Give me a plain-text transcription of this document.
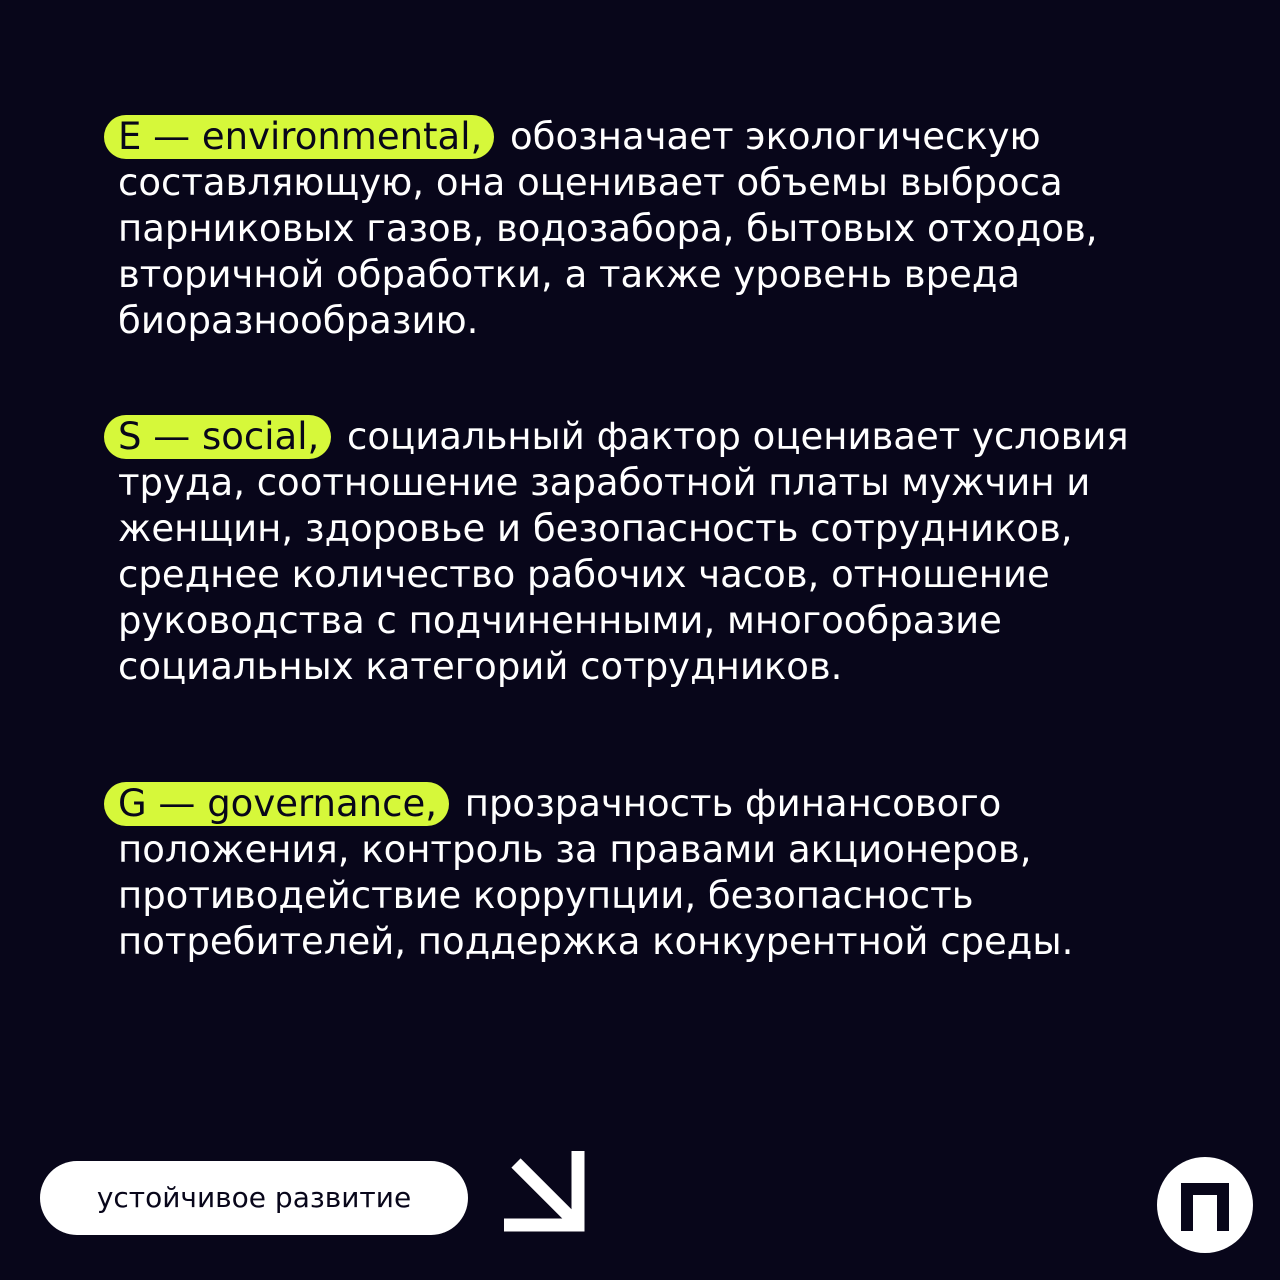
E — environmental, обозначает экологическую составляющую, она оценивает объемы выброса парниковых газов, водозабора, бытовых отходов, вторичной обработки, а также уровень вреда биоразнообразию.

S — social, социальный фактор оценивает условия труда, соотношение заработной платы мужчин и женщин, здоровье и безопасность сотрудников, среднее количество рабочих часов, отношение руководства с подчиненными, многообразие социальных категорий сотрудников.

G — governance, прозрачность финансового положения, контроль за правами акционеров, противодействие коррупции, безопасность потребителей, поддержка конкурентной среды.

устойчивое развитие
